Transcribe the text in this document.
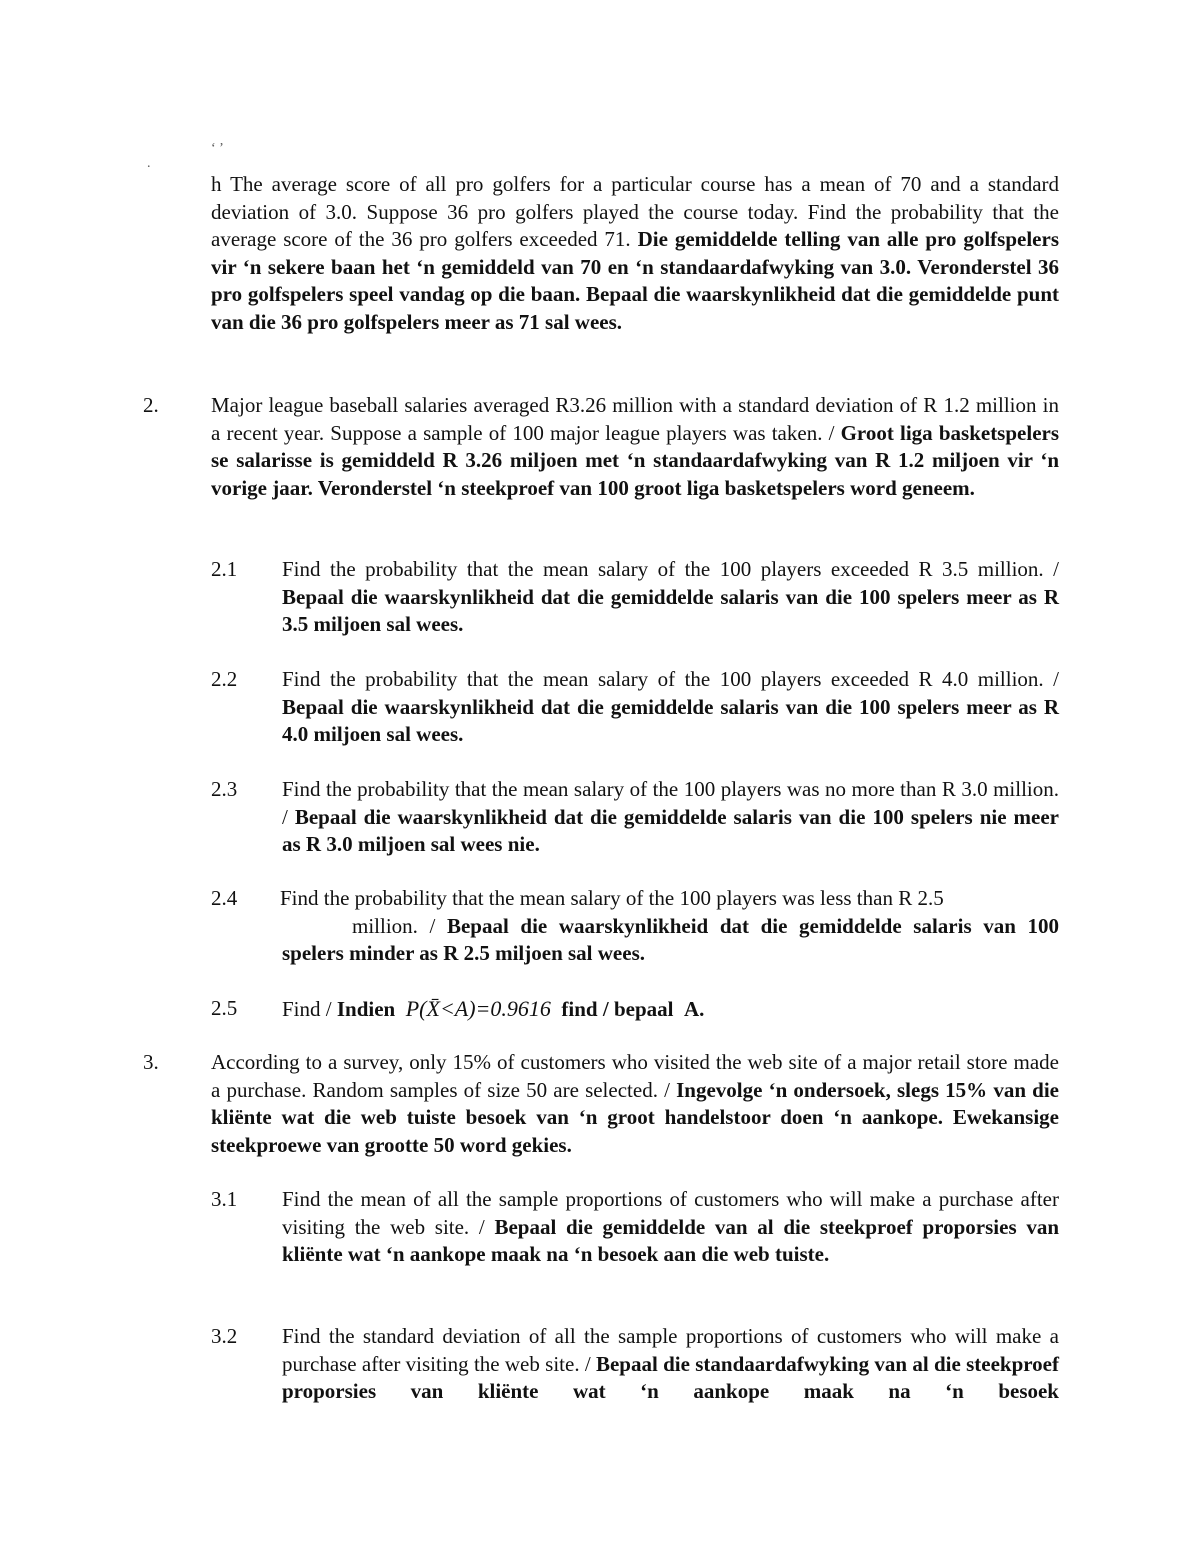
.
‘ ’
h The average score of all pro golfers for a particular course has a mean of 70 and a standard deviation of 3.0. Suppose 36 pro golfers played the course today. Find the probability that the average score of the 36 pro golfers exceeded 71. Die gemiddelde telling van alle pro golfspelers vir ‘n sekere baan het ‘n gemiddeld van 70 en ‘n standaardafwyking van 3.0. Veronderstel 36 pro golfspelers speel vandag op die baan. Bepaal die waarskynlikheid dat die gemiddelde punt van die 36 pro golfspelers meer as 71 sal wees.
2. Major league baseball salaries averaged R3.26 million with a standard deviation of R 1.2 million in a recent year. Suppose a sample of 100 major league players was taken. / Groot liga basketspelers se salarisse is gemiddeld R 3.26 miljoen met ‘n standaardafwyking van R 1.2 miljoen vir ‘n vorige jaar. Veronderstel ‘n steekproef van 100 groot liga basketspelers word geneem.
2.1 Find the probability that the mean salary of the 100 players exceeded R 3.5 million. / Bepaal die waarskynlikheid dat die gemiddelde salaris van die 100 spelers meer as R 3.5 miljoen sal wees.
2.2 Find the probability that the mean salary of the 100 players exceeded R 4.0 million. / Bepaal die waarskynlikheid dat die gemiddelde salaris van die 100 spelers meer as R 4.0 miljoen sal wees.
2.3 Find the probability that the mean salary of the 100 players was no more than R 3.0 million. / Bepaal die waarskynlikheid dat die gemiddelde salaris van die 100 spelers nie meer as R 3.0 miljoen sal wees nie.
2.4 Find the probability that the mean salary of the 100 players was less than R 2.5
million. / Bepaal die waarskynlikheid dat die gemiddelde salaris van 100 spelers minder as R 2.5 miljoen sal wees.
2.5 Find / Indien P(X̄<A)=0.9616 find / bepaal A.
3. According to a survey, only 15% of customers who visited the web site of a major retail store made a purchase. Random samples of size 50 are selected. / Ingevolge ‘n ondersoek, slegs 15% van die kliënte wat die web tuiste besoek van ‘n groot handelstoor doen ‘n aankope. Ewekansige steekproewe van grootte 50 word gekies.
3.1 Find the mean of all the sample proportions of customers who will make a purchase after visiting the web site. / Bepaal die gemiddelde van al die steekproef proporsies van kliënte wat ‘n aankope maak na ‘n besoek aan die web tuiste.
3.2 Find the standard deviation of all the sample proportions of customers who will make a purchase after visiting the web site. / Bepaal die standaardafwyking van al die steekproef proporsies van kliënte wat ‘n aankope maak na ‘n besoek
